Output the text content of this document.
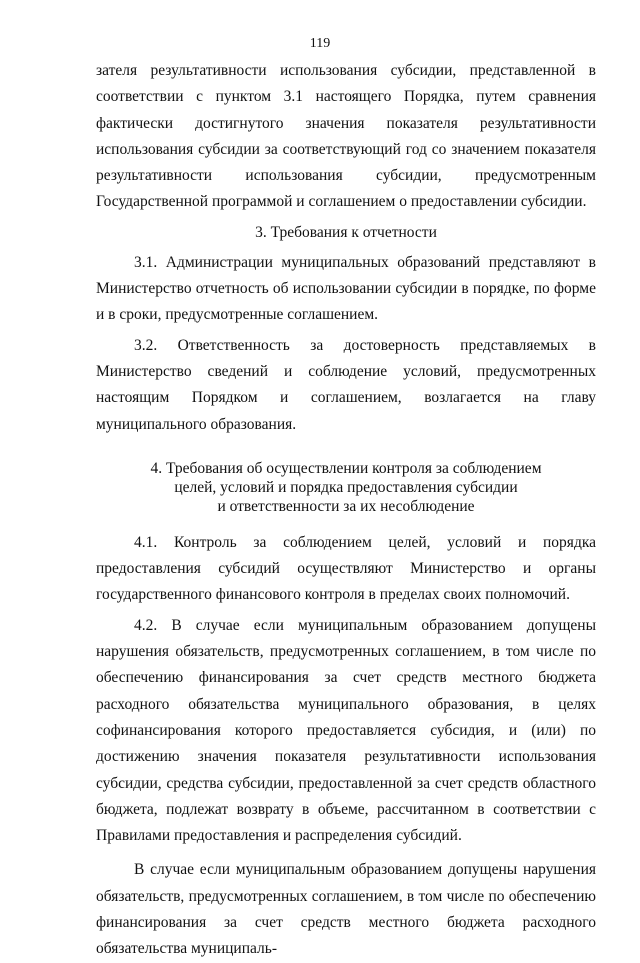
119

зателя результативности использования субсидии, представленной в соответствии с пунктом 3.1 настоящего Порядка, путем сравнения фактически достигнутого значения показателя результативности использования субсидии за соответствующий год со значением показателя результативности использования субсидии, предусмотренным Государственной программой и соглашением о предоставлении субсидии.

3. Требования к отчетности

3.1. Администрации муниципальных образований представляют в Министерство отчетность об использовании субсидии в порядке, по форме и в сроки, предусмотренные соглашением.

3.2. Ответственность за достоверность представляемых в Министерство сведений и соблюдение условий, предусмотренных настоящим Порядком и соглашением, возлагается на главу муниципального образования.

4. Требования об осуществлении контроля за соблюдением

целей, условий и порядка предоставления субсидии

и ответственности за их несоблюдение

4.1. Контроль за соблюдением целей, условий и порядка предоставления субсидий осуществляют Министерство и органы государственного финансового контроля в пределах своих полномочий.

4.2. В случае если муниципальным образованием допущены нарушения обязательств, предусмотренных соглашением, в том числе по обеспечению финансирования за счет средств местного бюджета расходного обязательства муниципального образования, в целях софинансирования которого предоставляется субсидия, и (или) по достижению значения показателя результативности использования субсидии, средства субсидии, предоставленной за счет средств областного бюджета, подлежат возврату в объеме, рассчитанном в соответствии с Правилами предоставления и распределения субсидий.

В случае если муниципальным образованием допущены нарушения обязательств, предусмотренных соглашением, в том числе по обеспечению финансирования за счет средств местного бюджета расходного обязательства муниципаль-
